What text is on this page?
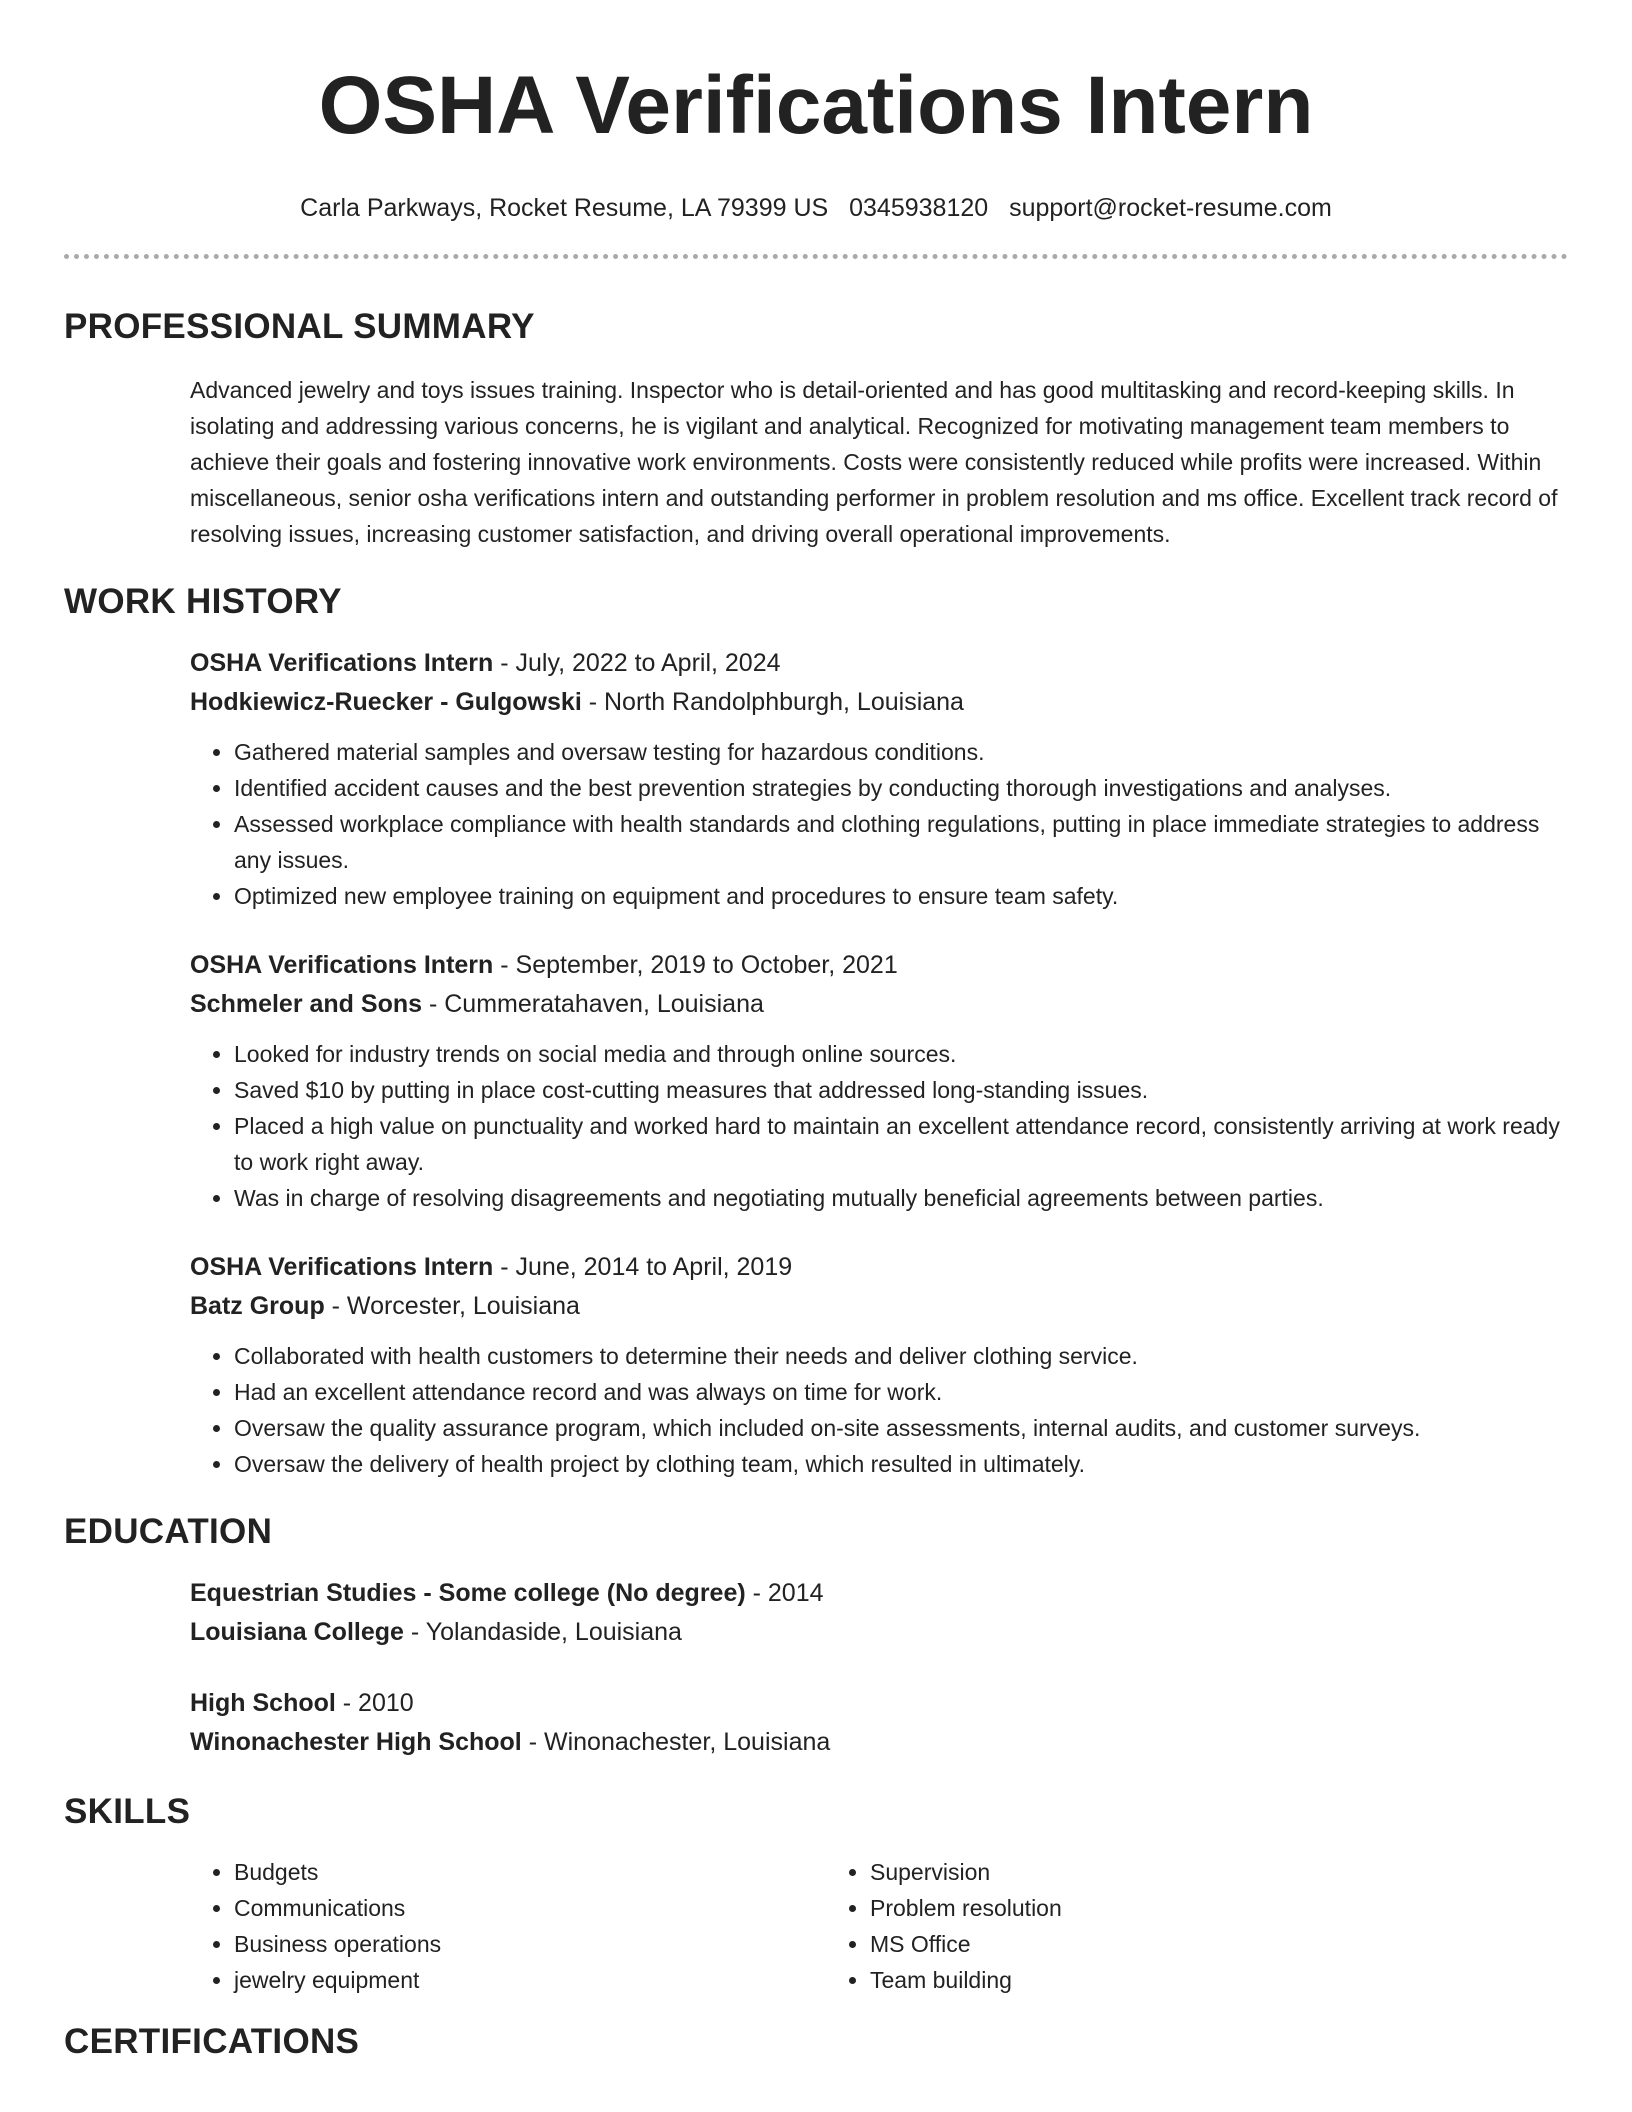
OSHA Verifications Intern
Carla Parkways, Rocket Resume, LA 79399 US 0345938120 support@rocket-resume.com
PROFESSIONAL SUMMARY
Advanced jewelry and toys issues training. Inspector who is detail-oriented and has good multitasking and record-keeping skills. In isolating and addressing various concerns, he is vigilant and analytical. Recognized for motivating management team members to achieve their goals and fostering innovative work environments. Costs were consistently reduced while profits were increased. Within miscellaneous, senior osha verifications intern and outstanding performer in problem resolution and ms office. Excellent track record of resolving issues, increasing customer satisfaction, and driving overall operational improvements.
WORK HISTORY
OSHA Verifications Intern - July, 2022 to April, 2024
Hodkiewicz-Ruecker - Gulgowski - North Randolphburgh, Louisiana
• Gathered material samples and oversaw testing for hazardous conditions.
• Identified accident causes and the best prevention strategies by conducting thorough investigations and analyses.
• Assessed workplace compliance with health standards and clothing regulations, putting in place immediate strategies to address any issues.
• Optimized new employee training on equipment and procedures to ensure team safety.
OSHA Verifications Intern - September, 2019 to October, 2021
Schmeler and Sons - Cummeratahaven, Louisiana
• Looked for industry trends on social media and through online sources.
• Saved $10 by putting in place cost-cutting measures that addressed long-standing issues.
• Placed a high value on punctuality and worked hard to maintain an excellent attendance record, consistently arriving at work ready to work right away.
• Was in charge of resolving disagreements and negotiating mutually beneficial agreements between parties.
OSHA Verifications Intern - June, 2014 to April, 2019
Batz Group - Worcester, Louisiana
• Collaborated with health customers to determine their needs and deliver clothing service.
• Had an excellent attendance record and was always on time for work.
• Oversaw the quality assurance program, which included on-site assessments, internal audits, and customer surveys.
• Oversaw the delivery of health project by clothing team, which resulted in ultimately.
EDUCATION
Equestrian Studies - Some college (No degree) - 2014
Louisiana College - Yolandaside, Louisiana
High School - 2010
Winonachester High School - Winonachester, Louisiana
SKILLS
• Budgets
• Communications
• Business operations
• jewelry equipment
• Supervision
• Problem resolution
• MS Office
• Team building
CERTIFICATIONS
